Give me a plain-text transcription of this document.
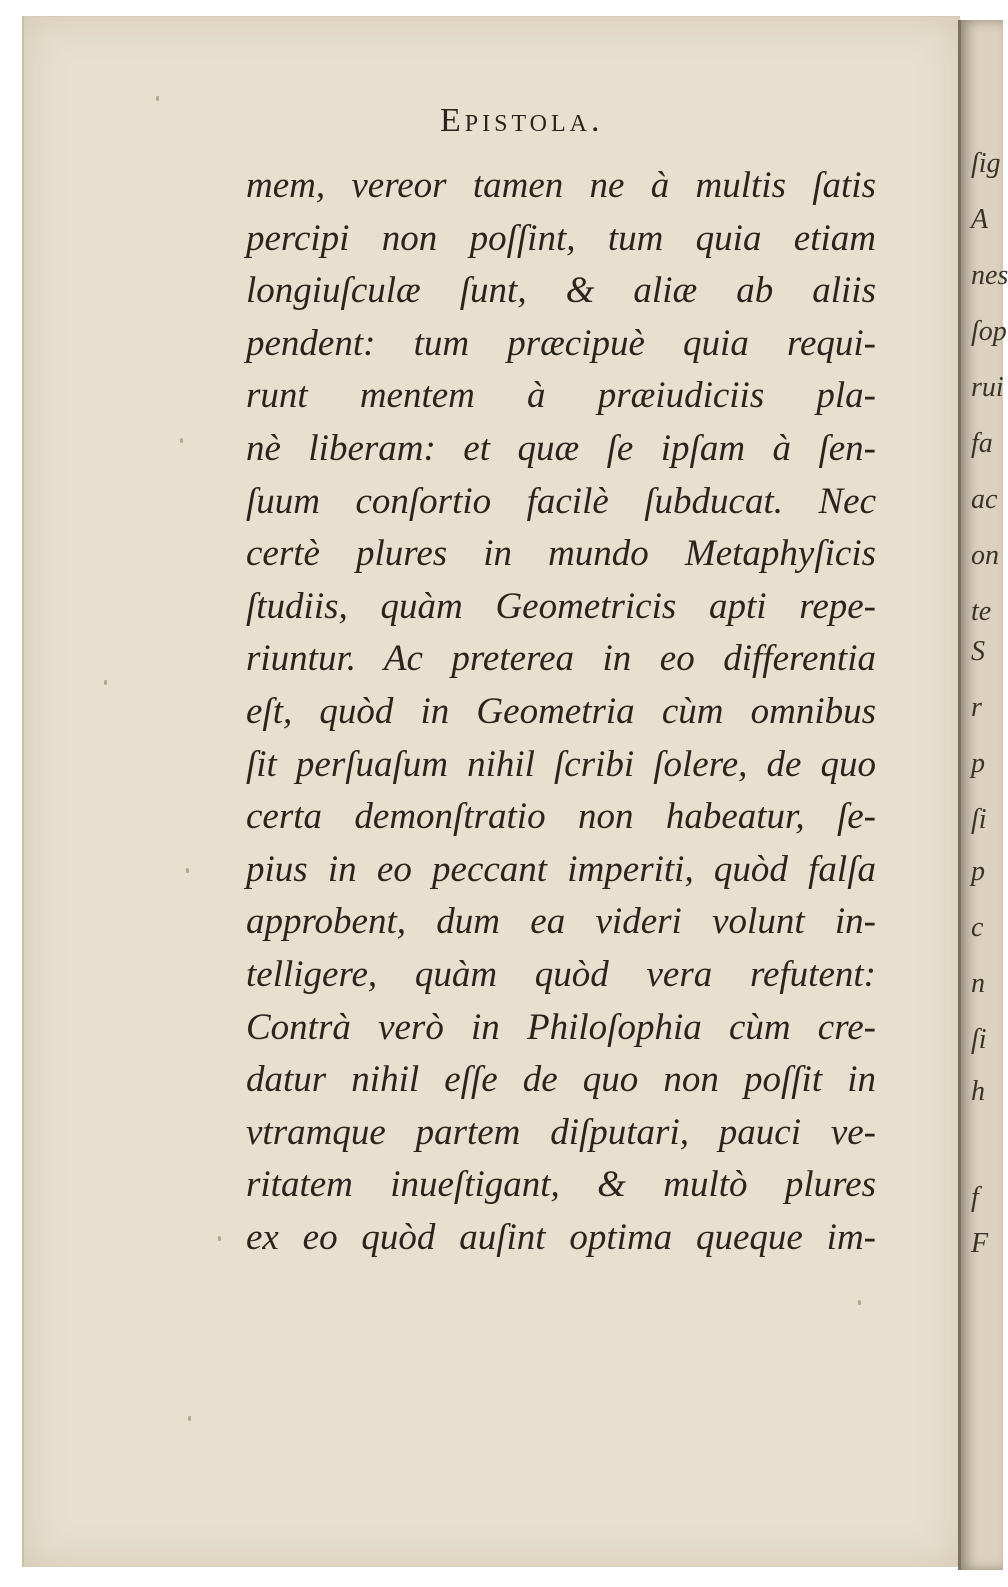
ſig
A
nes
ſop
rui
fa
ac
on
te
S
r
p
ſi
p
c
n
ſi
h
f
F
Epistola.
mem, vereor tamen ne à multis ſatis
percipi non poſſint, tum quia etiam
longiuſculæ ſunt, & aliæ ab aliis
pendent: tum præcipuè quia requi-
runt mentem à præiudiciis pla-
nè liberam: et quæ ſe ipſam à ſen-
ſuum conſortio facilè ſubducat. Nec
certè plures in mundo Metaphyſicis
ſtudiis, quàm Geometricis apti repe-
riuntur. Ac preterea in eo differentia
eſt, quòd in Geometria cùm omnibus
ſit perſuaſum nihil ſcribi ſolere, de quo
certa demonſtratio non habeatur, ſe-
pius in eo peccant imperiti, quòd falſa
approbent, dum ea videri volunt in-
telligere, quàm quòd vera refutent:
Contrà verò in Philoſophia cùm cre-
datur nihil eſſe de quo non poſſit in
vtramque partem diſputari, pauci ve-
ritatem inueſtigant, & multò plures
ex eo quòd auſint optima queque im-
